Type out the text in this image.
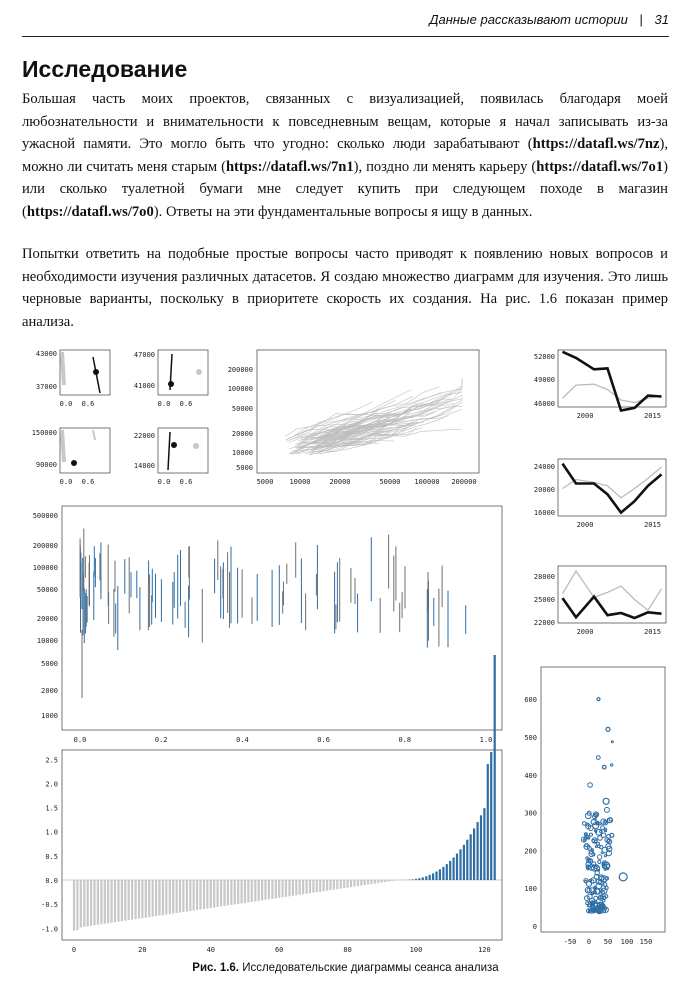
Данные рассказывают истории | 31
Исследование

Большая часть моих проектов, связанных с визуализацией, появилась благодаря моей любознательности и внимательности к повседневным вещам, которые я начал записывать из-за ужасной памяти. Это могло быть что угодно: сколько люди зарабатывают (https://datafl.ws/7nz), можно ли считать меня старым (https://datafl.ws/7n1), поздно ли менять карьеру (https://datafl.ws/7o1) или сколько туалетной бумаги мне следует купить при следующем походе в магазин (https://datafl.ws/7o0). Ответы на эти фундаментальные вопросы я ищу в данных.

Попытки ответить на подобные простые вопросы часто приводят к появлению новых вопросов и необходимости изучения различных датасетов. Я создаю множество диаграмм для изучения. Это лишь черновые варианты, поскольку в приоритете скорость их создания. На рис. 1.6 показан пример анализа.

43000
37000
0.0 0.6
47000
41000
0.0 0.6
150000
90000
0.0 0.6
22000
14000
0.0 0.6
200000
100000
50000
20000
10000
5000
5000 10000	20000	50000 100000 200000
52000
49000
46000
2000	2015
24000
20000
16000
2000	2015
28000
25000
22000
2000	2015
500000
200000
100000
50000
20000
10000
5000
2000
1000
0.0	0.2	0.4	0.6	0.8	1.0
2.5
2.0
1.5
1.0
0.5
0.0
-0.5
-1.0
0	20	40	60	80	100	120
600
500
400
300
200
100
0
-50 0 50 100 150
Рис. 1.6. Исследовательские диаграммы сеанса анализа
